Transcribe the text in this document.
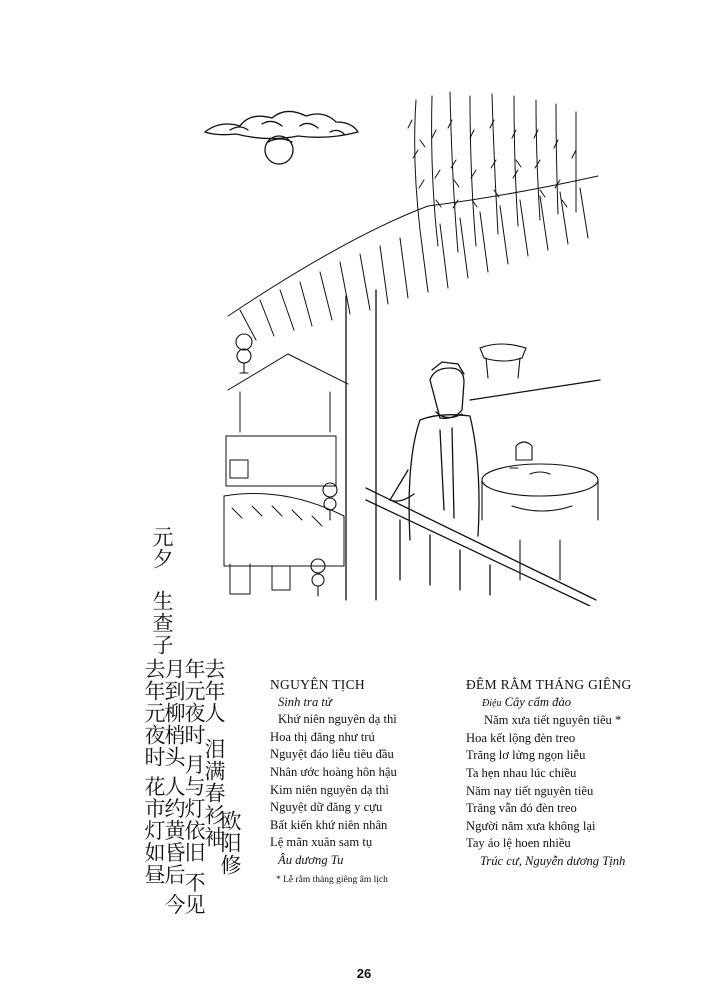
元夕
生查子
去年人
泪满春衫袖
年元夜时 月与灯依旧 不见
月到柳梢头 人约黄昏后 今
去年元夜时 花市灯如昼 欧阳修
NGUYÊN TỊCH
Sinh tra tử
Khứ niên nguyên dạ thì
Hoa thị đăng như trú
Nguyệt đáo liễu tiêu đầu
Nhân ước hoàng hôn hậu
Kim niên nguyên dạ thì
Nguyệt dữ đăng y cựu
Bất kiến khứ niên nhân
Lệ mãn xuân sam tụ
Âu dương Tu
* Lễ rằm tháng giêng âm lịch
ĐÊM RẰM THÁNG GIÊNG
Điệu Cây cẩm đào
Năm xưa tiết nguyên tiêu *
Hoa kết lộng đèn treo
Trăng lơ lửng ngọn liễu
Ta hẹn nhau lúc chiều
Năm nay tiết nguyên tiêu
Trăng vẫn đó đèn treo
Người năm xưa không lại
Tay áo lệ hoen nhiều
Trúc cư, Nguyễn dương Tịnh
26
